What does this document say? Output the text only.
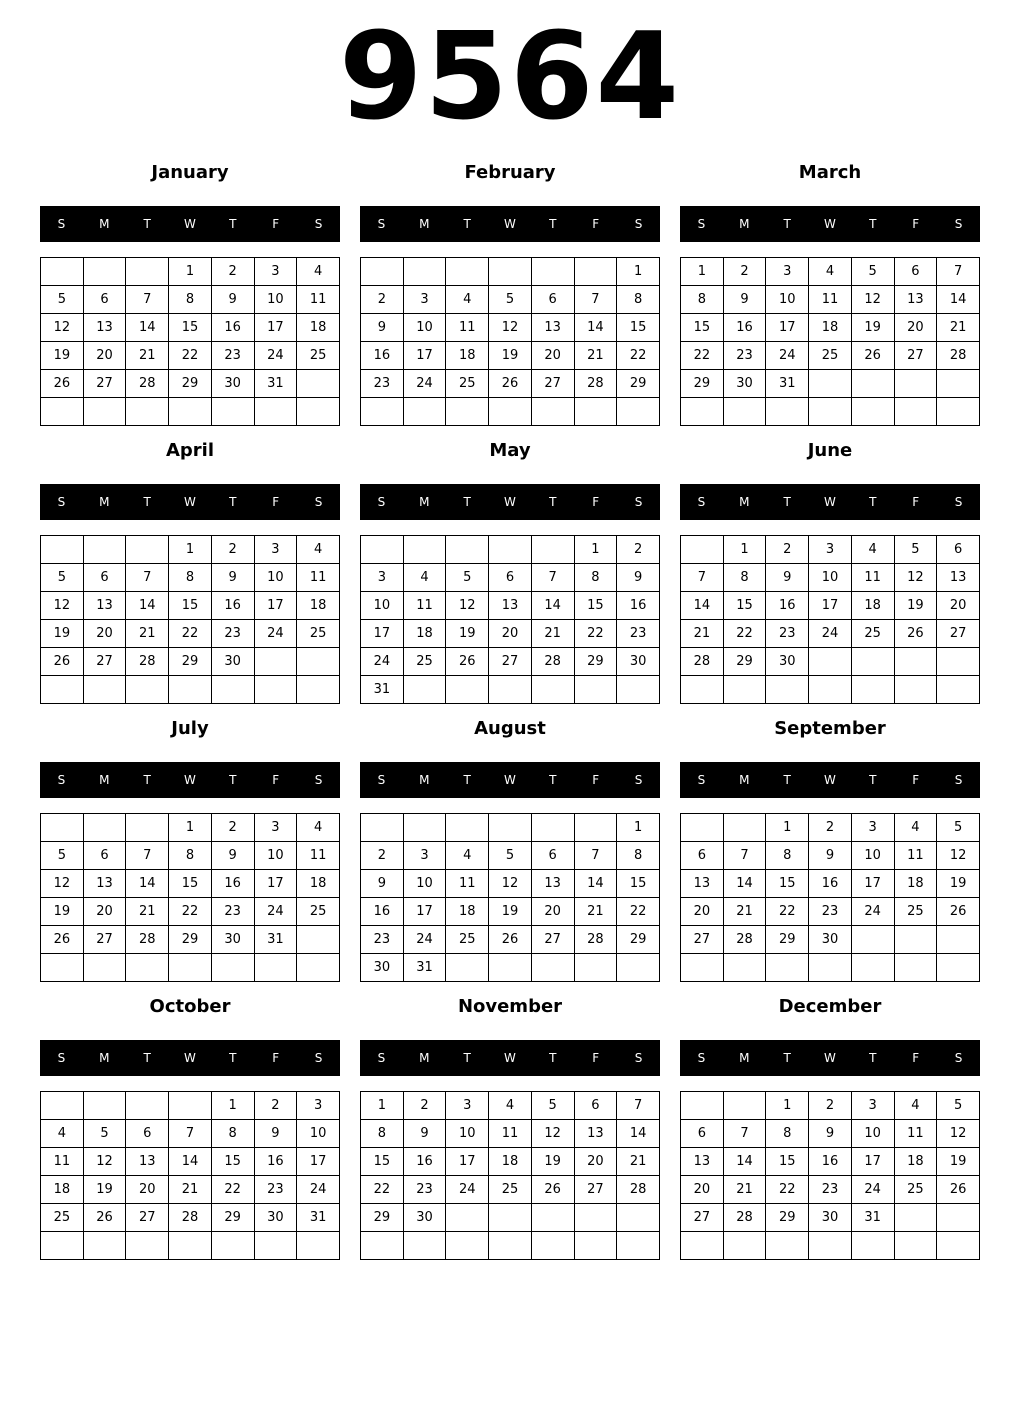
9564
January
S	M	T	W	T	F	S
			1	2	3	4
5	6	7	8	9	10	11
12	13	14	15	16	17	18
19	20	21	22	23	24	25
26	27	28	29	30	31	

February
S	M	T	W	T	F	S
						1
2	3	4	5	6	7	8
9	10	11	12	13	14	15
16	17	18	19	20	21	22
23	24	25	26	27	28	29

March
S	M	T	W	T	F	S
1	2	3	4	5	6	7
8	9	10	11	12	13	14
15	16	17	18	19	20	21
22	23	24	25	26	27	28
29	30	31				

April
S	M	T	W	T	F	S
			1	2	3	4
5	6	7	8	9	10	11
12	13	14	15	16	17	18
19	20	21	22	23	24	25
26	27	28	29	30		

May
S	M	T	W	T	F	S
					1	2
3	4	5	6	7	8	9
10	11	12	13	14	15	16
17	18	19	20	21	22	23
24	25	26	27	28	29	30
31						
June
S	M	T	W	T	F	S
	1	2	3	4	5	6
7	8	9	10	11	12	13
14	15	16	17	18	19	20
21	22	23	24	25	26	27
28	29	30				

July
S	M	T	W	T	F	S
			1	2	3	4
5	6	7	8	9	10	11
12	13	14	15	16	17	18
19	20	21	22	23	24	25
26	27	28	29	30	31	

August
S	M	T	W	T	F	S
						1
2	3	4	5	6	7	8
9	10	11	12	13	14	15
16	17	18	19	20	21	22
23	24	25	26	27	28	29
30	31					
September
S	M	T	W	T	F	S
		1	2	3	4	5
6	7	8	9	10	11	12
13	14	15	16	17	18	19
20	21	22	23	24	25	26
27	28	29	30			

October
S	M	T	W	T	F	S
				1	2	3
4	5	6	7	8	9	10
11	12	13	14	15	16	17
18	19	20	21	22	23	24
25	26	27	28	29	30	31

November
S	M	T	W	T	F	S
1	2	3	4	5	6	7
8	9	10	11	12	13	14
15	16	17	18	19	20	21
22	23	24	25	26	27	28
29	30					

December
S	M	T	W	T	F	S
		1	2	3	4	5
6	7	8	9	10	11	12
13	14	15	16	17	18	19
20	21	22	23	24	25	26
27	28	29	30	31		
